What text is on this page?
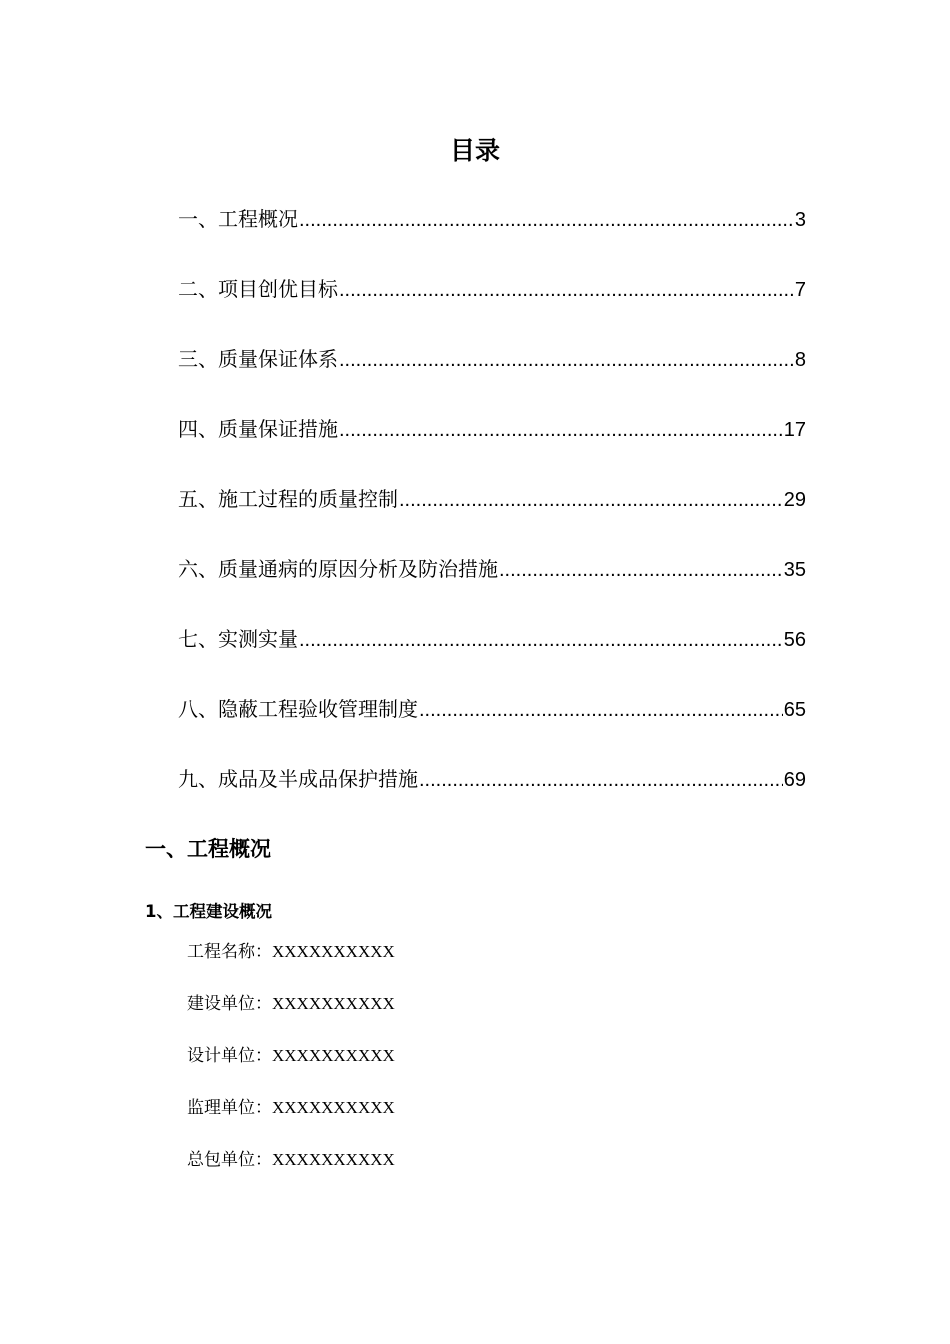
目录
一、工程概况 .....	3
二、项目创优目标 .....	7
三、质量保证体系 .....	8
四、质量保证措施 .....	17
五、施工过程的质量控制 .....	29
六、质量通病的原因分析及防治措施 .....	35
七、实测实量 .....	56
八、隐蔽工程验收管理制度 .....	65
九、成品及半成品保护措施 .....	69
一、工程概况
1、工程建设概况
工程名称：XXXXXXXXXX
建设单位：XXXXXXXXXX
设计单位：XXXXXXXXXX
监理单位：XXXXXXXXXX
总包单位：XXXXXXXXXX
